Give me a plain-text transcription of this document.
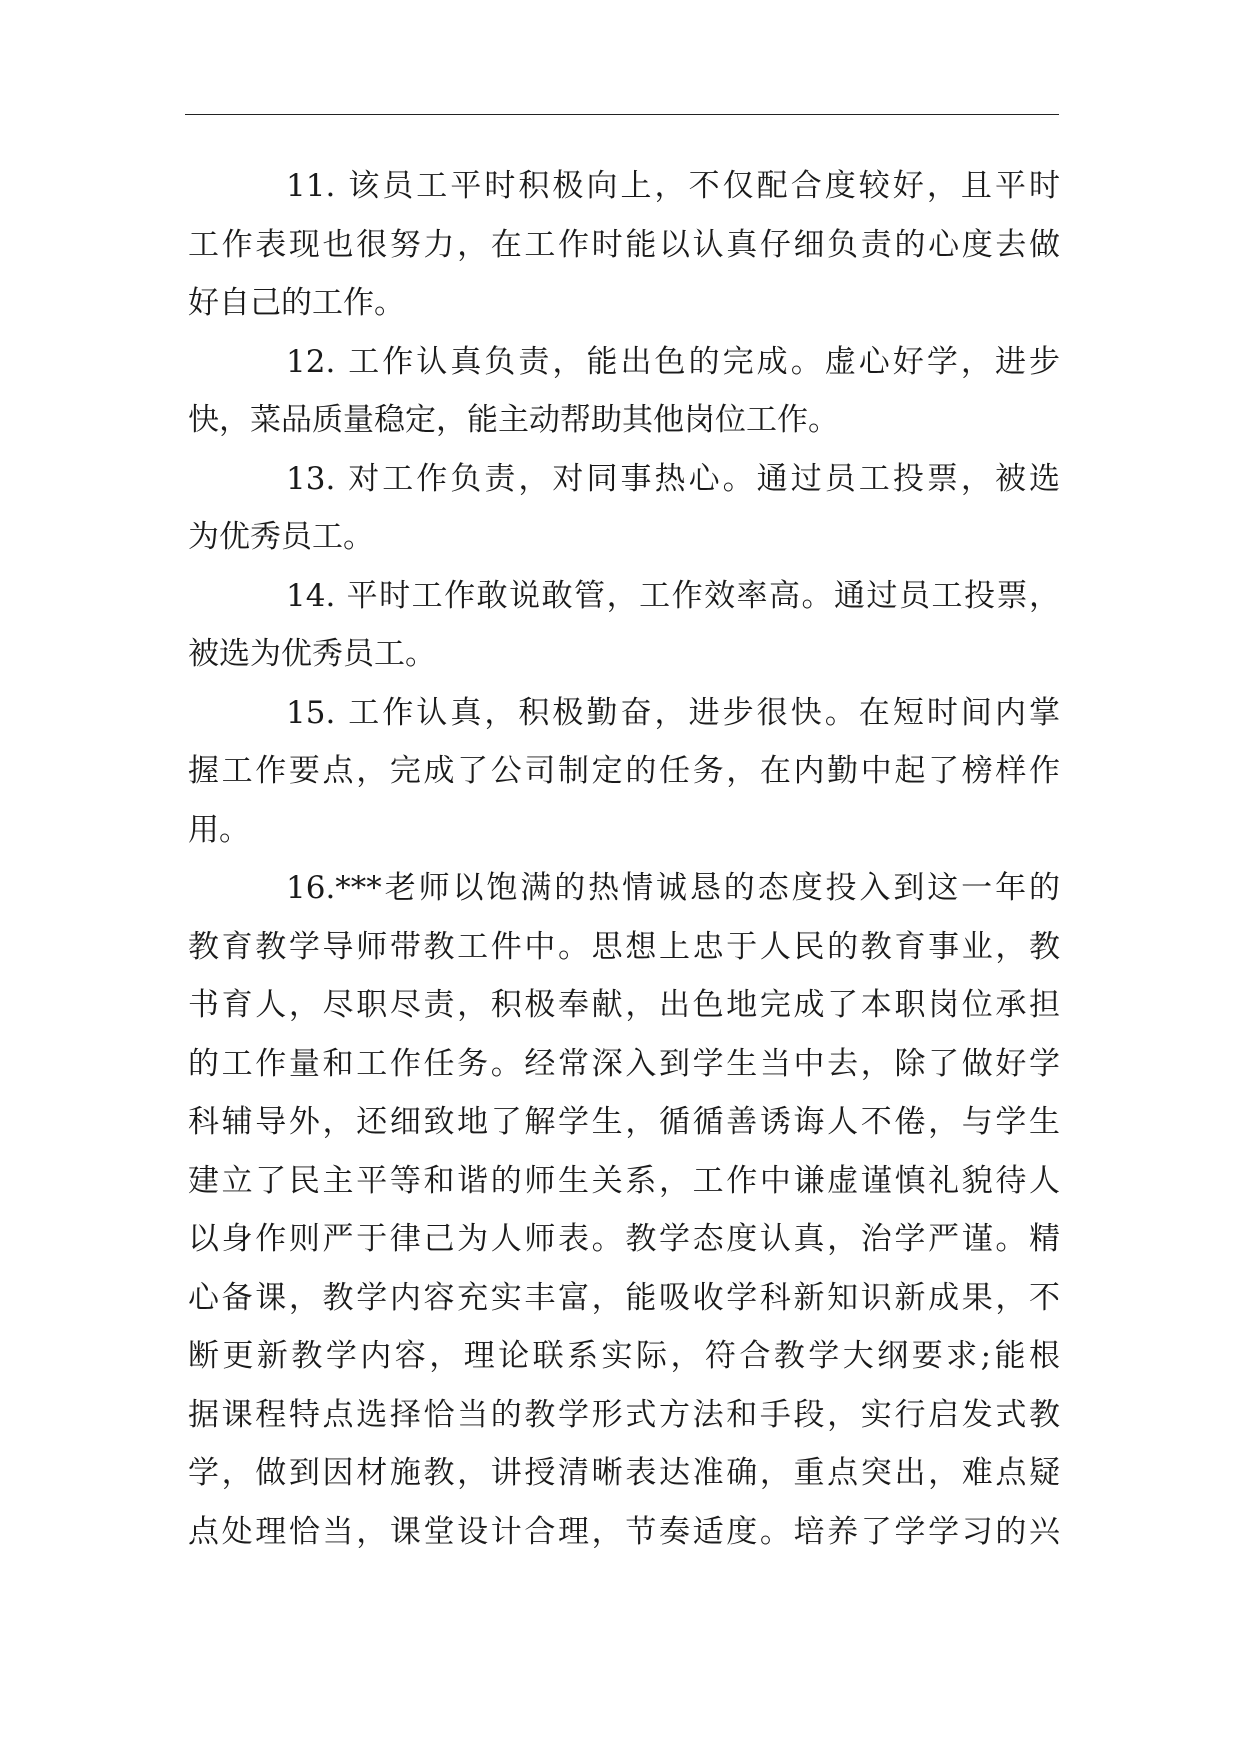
11. 该员工平时积极向上，不仅配合度较好，且平时
工作表现也很努力，在工作时能以认真仔细负责的心度去做
好自己的工作。
12. 工作认真负责，能出色的完成。虚心好学，进步
快，菜品质量稳定，能主动帮助其他岗位工作。
13. 对工作负责，对同事热心。通过员工投票，被选
为优秀员工。
14. 平时工作敢说敢管，工作效率高。通过员工投票，
被选为优秀员工。
15. 工作认真，积极勤奋，进步很快。在短时间内掌
握工作要点，完成了公司制定的任务，在内勤中起了榜样作
用。
16.***老师以饱满的热情诚恳的态度投入到这一年的
教育教学导师带教工件中。思想上忠于人民的教育事业，教
书育人，尽职尽责，积极奉献，出色地完成了本职岗位承担
的工作量和工作任务。经常深入到学生当中去，除了做好学
科辅导外，还细致地了解学生，循循善诱诲人不倦，与学生
建立了民主平等和谐的师生关系，工作中谦虚谨慎礼貌待人
以身作则严于律己为人师表。教学态度认真，治学严谨。精
心备课，教学内容充实丰富，能吸收学科新知识新成果，不
断更新教学内容，理论联系实际，符合教学大纲要求;能根
据课程特点选择恰当的教学形式方法和手段，实行启发式教
学，做到因材施教，讲授清晰表达准确，重点突出，难点疑
点处理恰当，课堂设计合理，节奏适度。培养了学学习的兴
